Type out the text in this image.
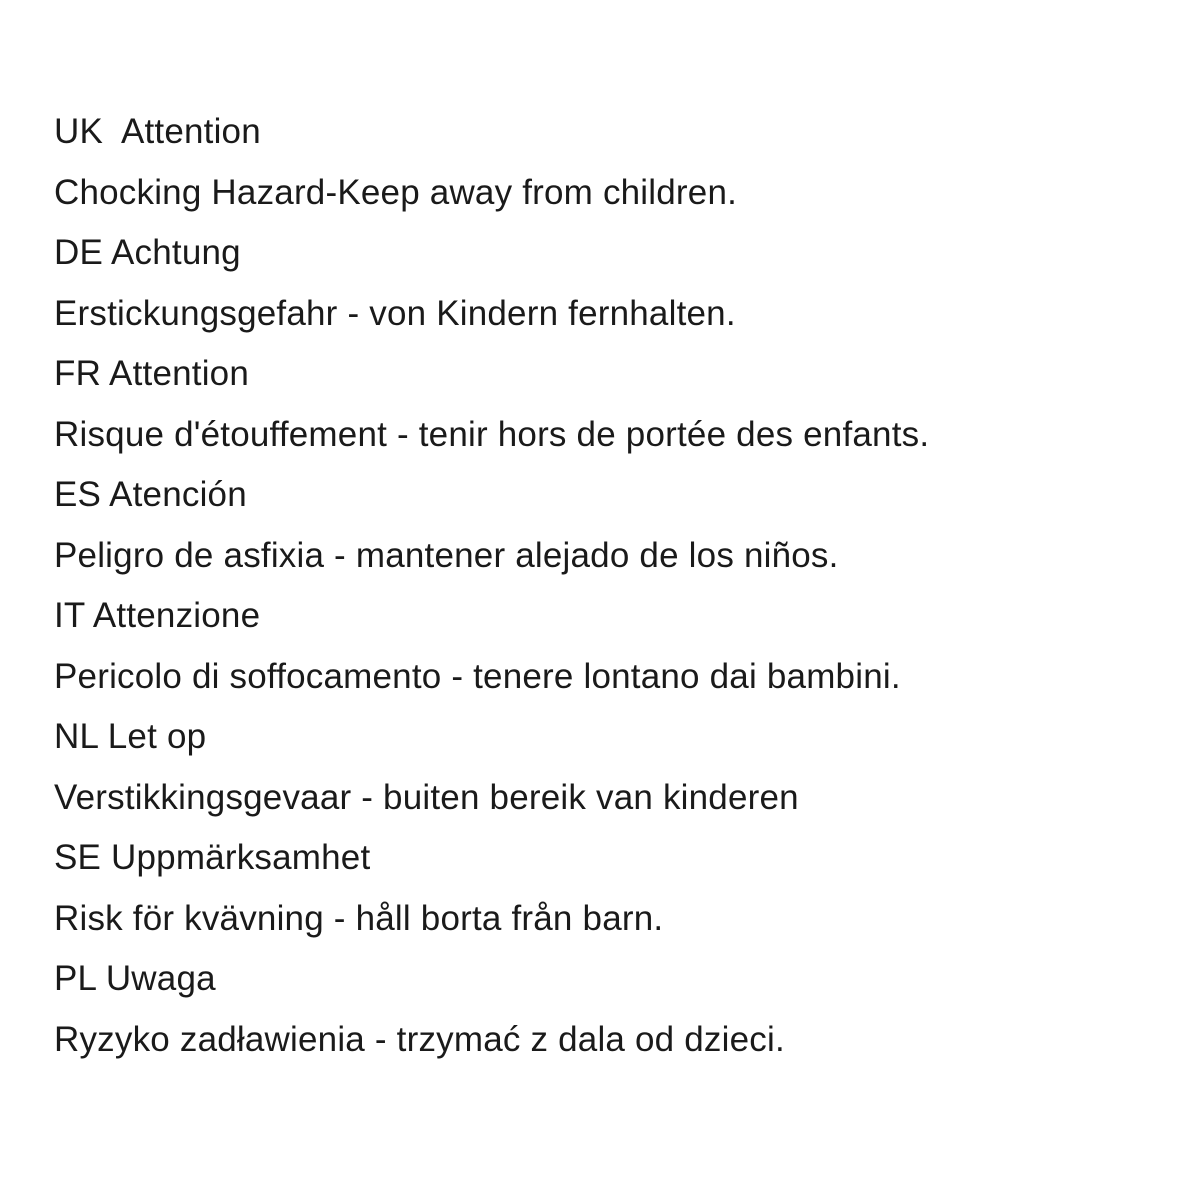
UK  Attention
Chocking Hazard-Keep away from children.
DE Achtung
Erstickungsgefahr - von Kindern fernhalten.
FR Attention
Risque d'étouffement - tenir hors de portée des enfants.
ES Atención
Peligro de asfixia - mantener alejado de los niños.
IT Attenzione
Pericolo di soffocamento - tenere lontano dai bambini.
NL Let op
Verstikkingsgevaar - buiten bereik van kinderen
SE Uppmärksamhet
Risk för kvävning - håll borta från barn.
PL Uwaga
Ryzyko zadławienia - trzymać z dala od dzieci.
